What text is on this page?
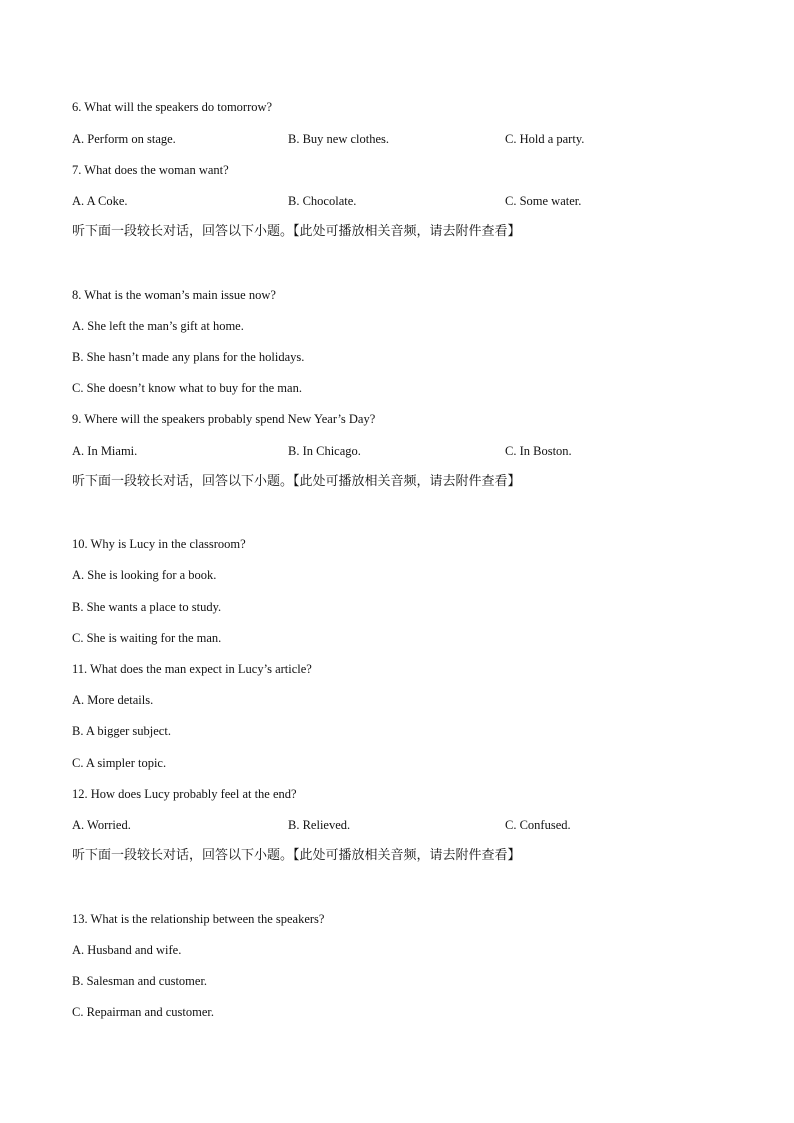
6. What will the speakers do tomorrow?
A. Perform on stage.	B. Buy new clothes.	C. Hold a party.
7. What does the woman want?
A. A Coke.	B. Chocolate.	C. Some water.
听下面一段较长对话，回答以下小题。【此处可播放相关音频，请去附件查看】
8. What is the woman’s main issue now?
A. She left the man’s gift at home.
B. She hasn’t made any plans for the holidays.
C. She doesn’t know what to buy for the man.
9. Where will the speakers probably spend New Year’s Day?
A. In Miami.	B. In Chicago.	C. In Boston.
听下面一段较长对话，回答以下小题。【此处可播放相关音频，请去附件查看】
10. Why is Lucy in the classroom?
A. She is looking for a book.
B. She wants a place to study.
C. She is waiting for the man.
11. What does the man expect in Lucy’s article?
A. More details.
B. A bigger subject.
C. A simpler topic.
12. How does Lucy probably feel at the end?
A. Worried.	B. Relieved.	C. Confused.
听下面一段较长对话，回答以下小题。【此处可播放相关音频，请去附件查看】
13. What is the relationship between the speakers?
A. Husband and wife.
B. Salesman and customer.
C. Repairman and customer.
